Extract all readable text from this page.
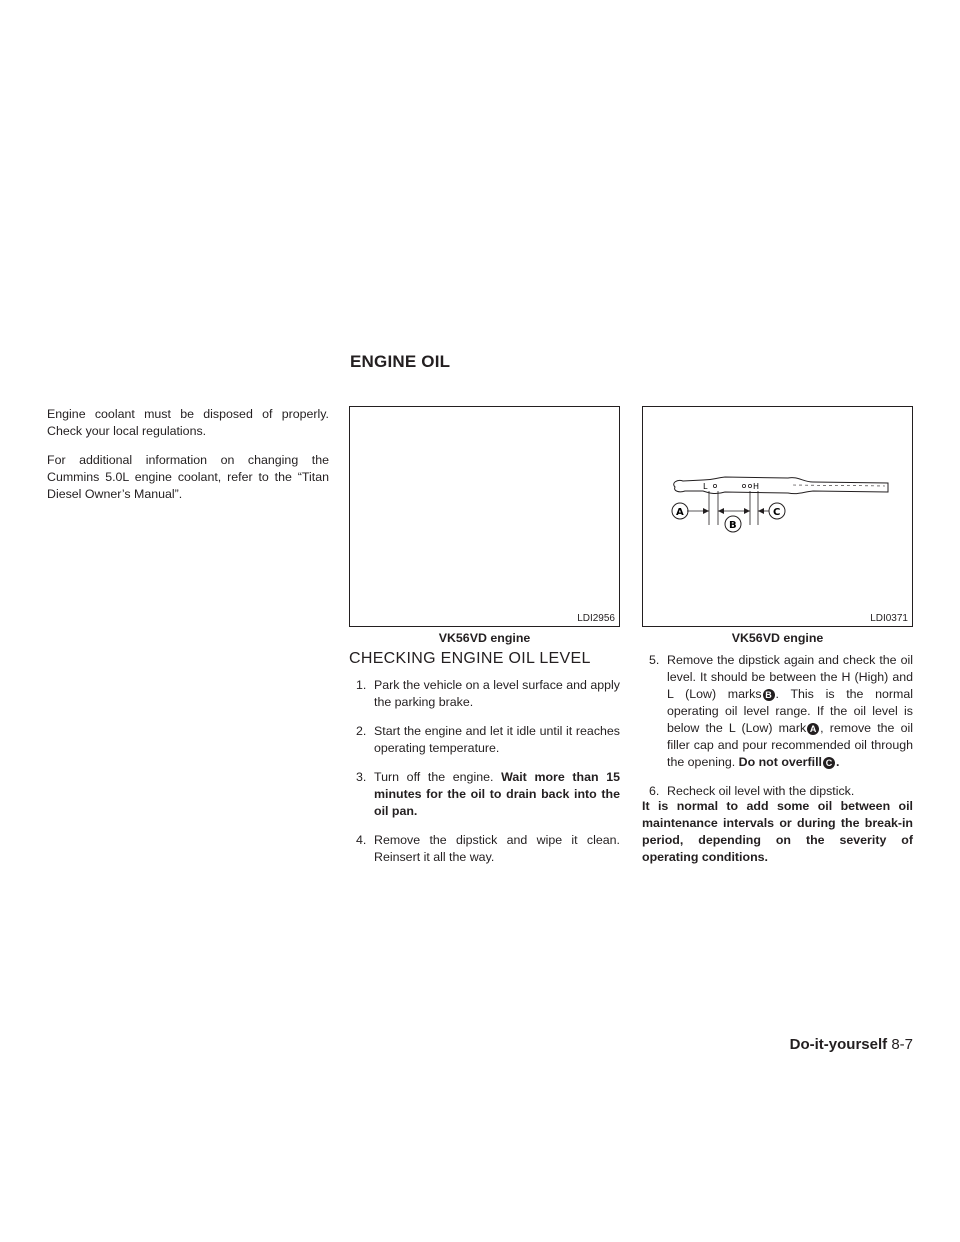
ENGINE OIL

Engine coolant must be disposed of properly. Check your local regulations.

For additional information on changing the Cummins 5.0L engine coolant, refer to the “Titan Diesel Owner’s Manual”.

LDI2956
VK56VD engine
L	H
A
B
C
LDI0371
VK56VD engine
CHECKING ENGINE OIL LEVEL
1. Park the vehicle on a level surface and apply the parking brake.
2. Start the engine and let it idle until it reaches operating temperature.
3. Turn off the engine. Wait more than 15 minutes for the oil to drain back into the oil pan.
4. Remove the dipstick and wipe it clean. Reinsert it all the way.
5. Remove the dipstick again and check the oil level. It should be between the H (High) and L (Low) marks B . This is the normal operating oil level range. If the oil level is below the L (Low) mark A , remove the oil filler cap and pour recommended oil through the opening. Do not overfill C .
6. Recheck oil level with the dipstick.
It is normal to add some oil between oil maintenance intervals or during the break-in period, depending on the severity of operating conditions.
Do-it-yourself 8-7
